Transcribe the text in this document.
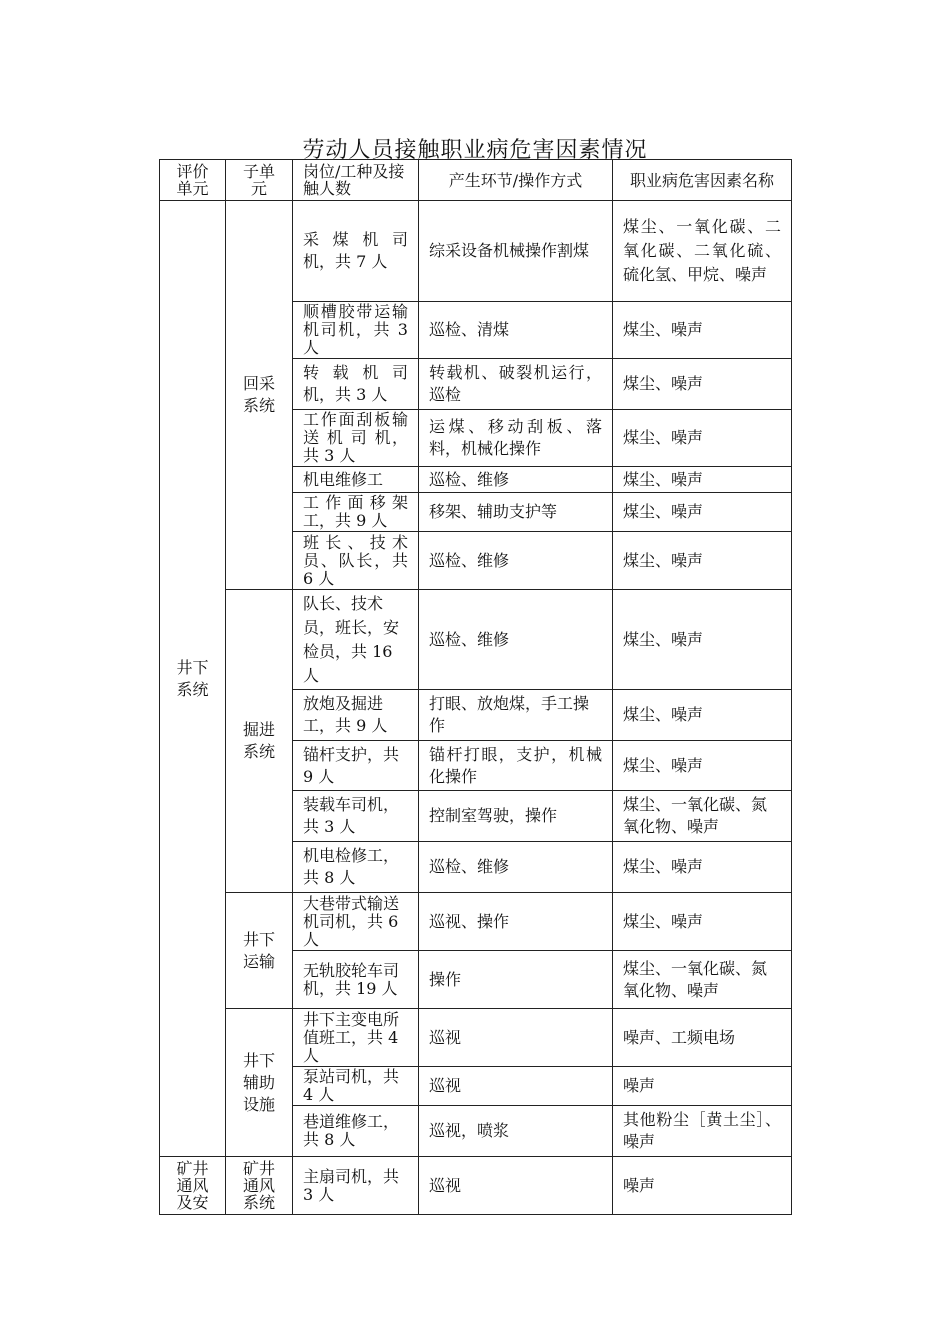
劳动人员接触职业病危害因素情况
评价单元	子单元	岗位/工种及接触人数	产生环节/操作方式	职业病危害因素名称
井下系统	回采系统	采 煤 机 司 机，共 7 人	综采设备机械操作割煤	煤尘、一氧化碳、二氧化碳、二氧化硫、硫化氢、甲烷、噪声
		顺槽胶带运输机司机，共 3 人	巡检、清煤	煤尘、噪声
		转 载 机 司 机，共 3 人	转载机、破裂机运行，巡检	煤尘、噪声
		工作面刮板输 送 机 司 机，共 3 人	运煤、移动刮板、落料，机械化操作	煤尘、噪声
		机电维修工	巡检、维修	煤尘、噪声
		工作面移架工，共 9 人	移架、辅助支护等	煤尘、噪声
		班长、技术员、队长，共 6 人	巡检、维修	煤尘、噪声
	掘进系统	队长、技术员，班长，安检员，共 16 人	巡检、维修	煤尘、噪声
		放炮及掘进工，共 9 人	打眼、放炮煤，手工操作	煤尘、噪声
		锚杆支护，共 9 人	锚杆打眼，支护，机械化操作	煤尘、噪声
		装载车司机，共 3 人	控制室驾驶，操作	煤尘、一氧化碳、氮氧化物、噪声
		机电检修工，共 8 人	巡检、维修	煤尘、噪声
	井下运输	大巷带式输送机司机，共 6 人	巡视、操作	煤尘、噪声
		无轨胶轮车司机，共 19 人	操作	煤尘、一氧化碳、氮氧化物、噪声
	井下辅助设施	井下主变电所值班工，共 4 人	巡视	噪声、工频电场
		泵站司机，共 4 人	巡视	噪声
		巷道维修工，共 8 人	巡视，喷浆	其他粉尘［黄土尘］、噪声
矿井通风及安	矿井通风系统	主扇司机，共 3 人	巡视	噪声
